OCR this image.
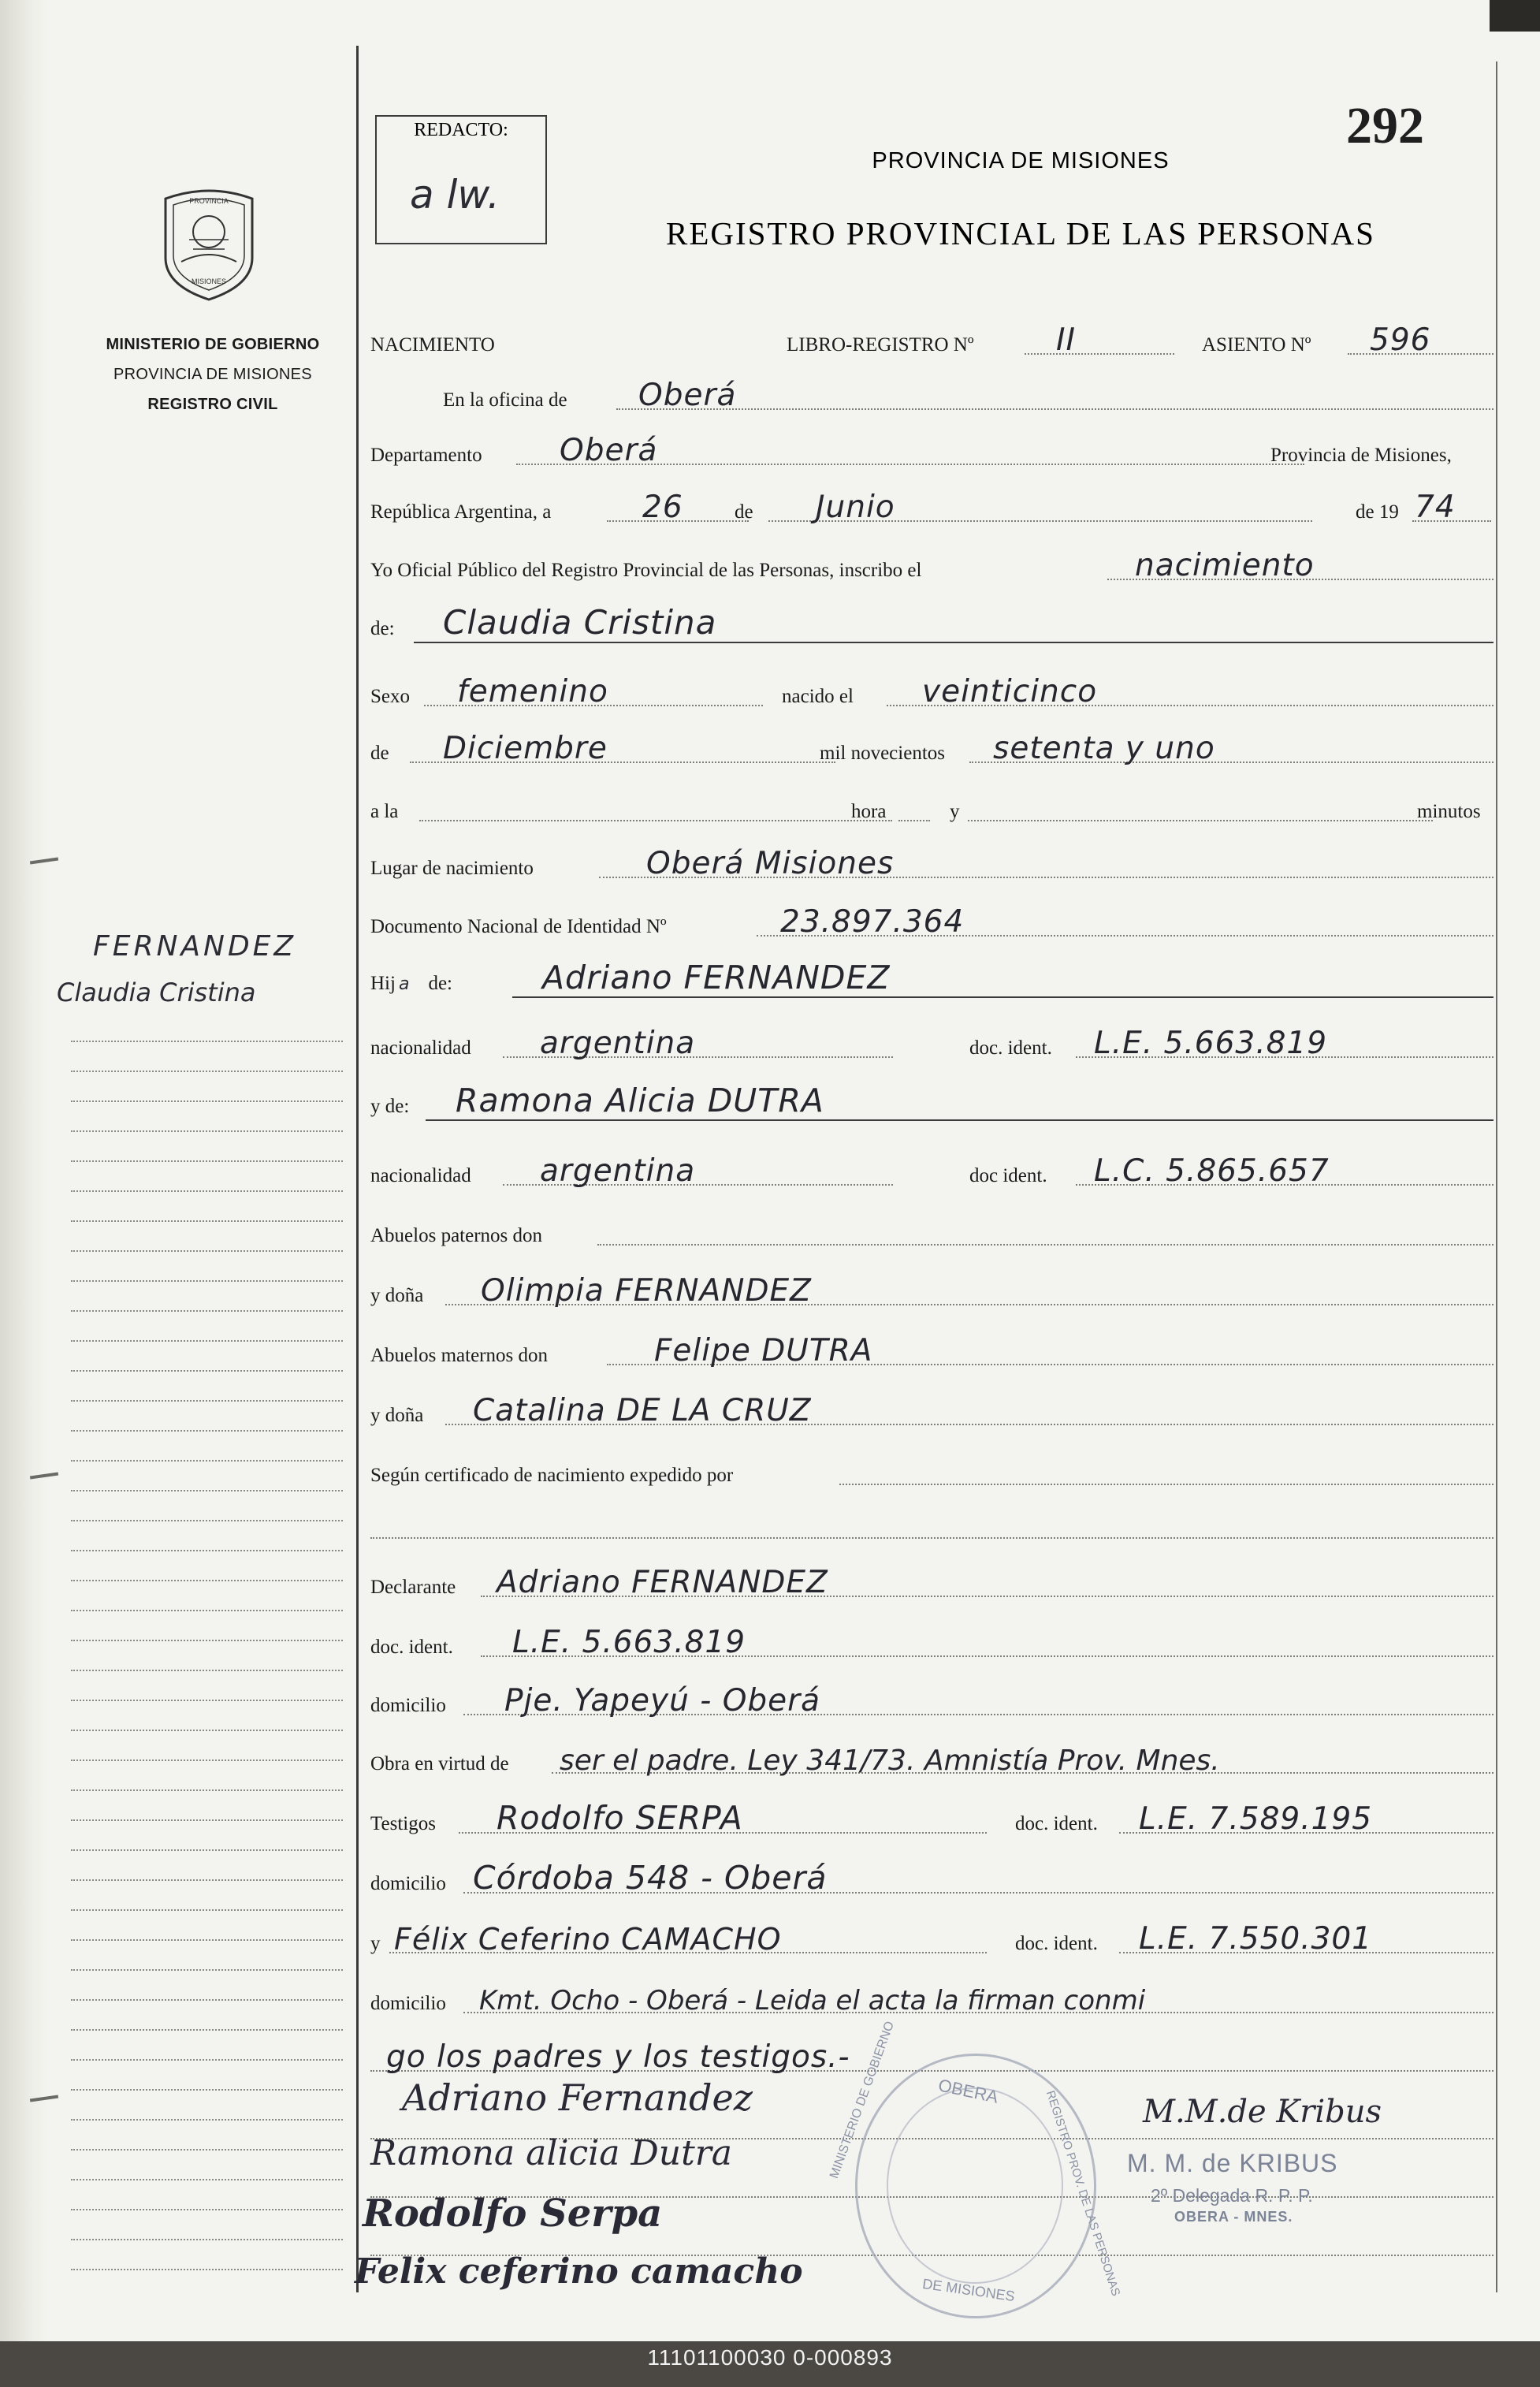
PROVINCIA
MISIONES
MINISTERIO DE GOBIERNO
PROVINCIA DE MISIONES
REGISTRO CIVIL
FERNANDEZ
Claudia Cristina
REDACTO:
a lw.
292
PROVINCIA DE MISIONES
REGISTRO PROVINCIAL DE LAS PERSONAS
NACIMIENTO	LIBRO-REGISTRO Nº	II	ASIENTO Nº 596
En la oficina de Oberá
Departamento	Oberá	Provincia de Misiones,
República Argentina, a	26	de Junio	de 19 74
Yo Oficial Público del Registro Provincial de las Personas, inscribo el	nacimiento
de: Claudia Cristina
Sexo femenino	nacido el veinticinco
de Diciembre	mil novecientos setenta y uno
a la	hora	y	minutos
Lugar de nacimiento	Oberá Misiones
Documento Nacional de Identidad Nº	23.897.364
Hij a de:	Adriano FERNANDEZ
nacionalidad argentina	doc. ident. L.E. 5.663.819
y de: Ramona Alicia DUTRA
nacionalidad argentina	doc ident. L.C. 5.865.657
Abuelos paternos don
y doña Olimpia FERNANDEZ
Abuelos maternos don	Felipe DUTRA
y doña Catalina DE LA CRUZ
Según certificado de nacimiento expedido por
Declarante Adriano FERNANDEZ
doc. ident. L.E. 5.663.819
domicilio Pje. Yapeyú - Oberá
Obra en virtud de ser el padre. Ley 341/73. Amnistía Prov. Mnes.
Testigos Rodolfo SERPA	doc. ident. L.E. 7.589.195
domicilio Córdoba 548 - Oberá
y Félix Ceferino CAMACHO	doc. ident. L.E. 7.550.301
domicilio Kmt. Ocho - Oberá - Leida el acta la firman conmi
go los padres y los testigos.-
OBERA
MINISTERIO DE GOBIERNO	REGISTRO PROV. DE LAS PERSONAS
DE MISIONES
Adriano Fernandez
Ramona alicia Dutra
Rodolfo Serpa
Felix ceferino camacho
M.M.de Kribus
M. M. de KRIBUS
2º Delegada R. P. P.
OBERA - MNES.
11101100030 0-000893
